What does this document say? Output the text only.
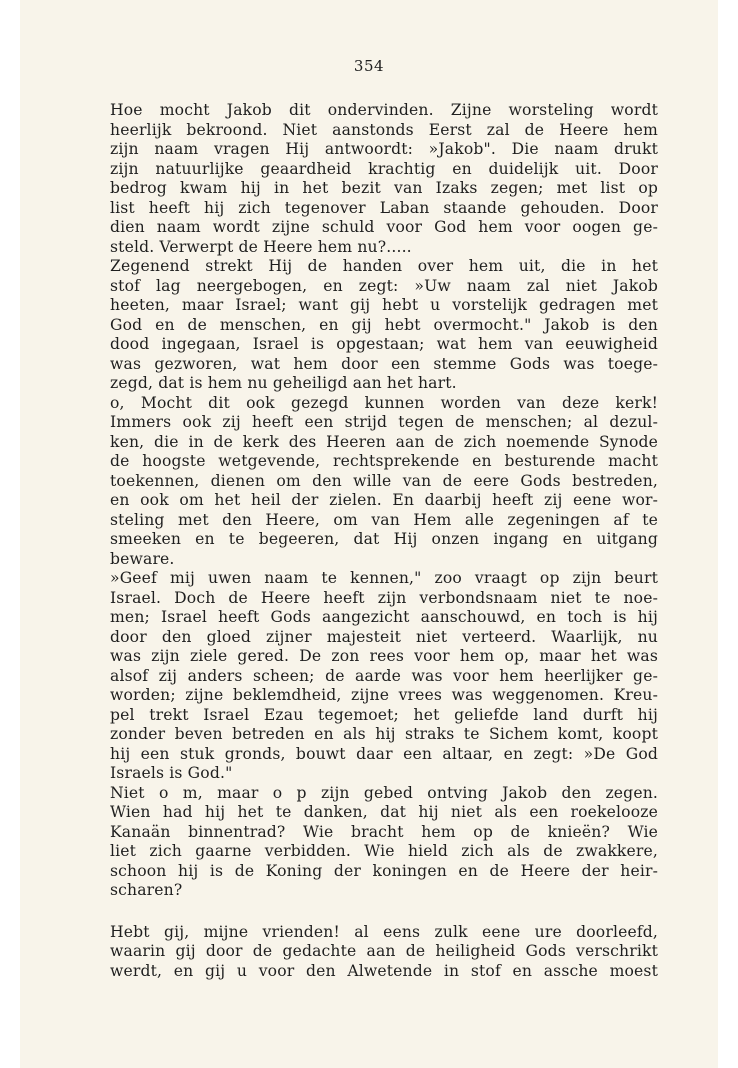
354
Hoe mocht Jakob dit ondervinden. Zijne worsteling wordt
heerlijk bekroond. Niet aanstonds Eerst zal de Heere hem
zijn naam vragen Hij antwoordt: »Jakob". Die naam drukt
zijn natuurlijke geaardheid krachtig en duidelijk uit. Door
bedrog kwam hij in het bezit van Izaks zegen; met list op
list heeft hij zich tegenover Laban staande gehouden. Door
dien naam wordt zijne schuld voor God hem voor oogen ge-
steld. Verwerpt de Heere hem nu?.....
Zegenend strekt Hij de handen over hem uit, die in het
stof lag neergebogen, en zegt: »Uw naam zal niet Jakob
heeten, maar Israel; want gij hebt u vorstelijk gedragen met
God en de menschen, en gij hebt overmocht." Jakob is den
dood ingegaan, Israel is opgestaan; wat hem van eeuwigheid
was gezworen, wat hem door een stemme Gods was toege-
zegd, dat is hem nu geheiligd aan het hart.
o, Mocht dit ook gezegd kunnen worden van deze kerk!
Immers ook zij heeft een strijd tegen de menschen; al dezul-
ken, die in de kerk des Heeren aan de zich noemende Synode
de hoogste wetgevende, rechtsprekende en besturende macht
toekennen, dienen om den wille van de eere Gods bestreden,
en ook om het heil der zielen. En daarbij heeft zij eene wor-
steling met den Heere, om van Hem alle zegeningen af te
smeeken en te begeeren, dat Hij onzen ingang en uitgang
beware.
»Geef mij uwen naam te kennen," zoo vraagt op zijn beurt
Israel. Doch de Heere heeft zijn verbondsnaam niet te noe-
men; Israel heeft Gods aangezicht aanschouwd, en toch is hij
door den gloed zijner majesteit niet verteerd. Waarlijk, nu
was zijn ziele gered. De zon rees voor hem op, maar het was
alsof zij anders scheen; de aarde was voor hem heerlijker ge-
worden; zijne beklemdheid, zijne vrees was weggenomen. Kreu-
pel trekt Israel Ezau tegemoet; het geliefde land durft hij
zonder beven betreden en als hij straks te Sichem komt, koopt
hij een stuk gronds, bouwt daar een altaar, en zegt: »De God
Israels is God."
Niet o m, maar o p zijn gebed ontving Jakob den zegen.
Wien had hij het te danken, dat hij niet als een roekelooze
Kanaän binnentrad? Wie bracht hem op de knieën? Wie
liet zich gaarne verbidden. Wie hield zich als de zwakkere,
schoon hij is de Koning der koningen en de Heere der heir-
scharen?
Hebt gij, mijne vrienden! al eens zulk eene ure doorleefd,
waarin gij door de gedachte aan de heiligheid Gods verschrikt
werdt, en gij u voor den Alwetende in stof en assche moest
